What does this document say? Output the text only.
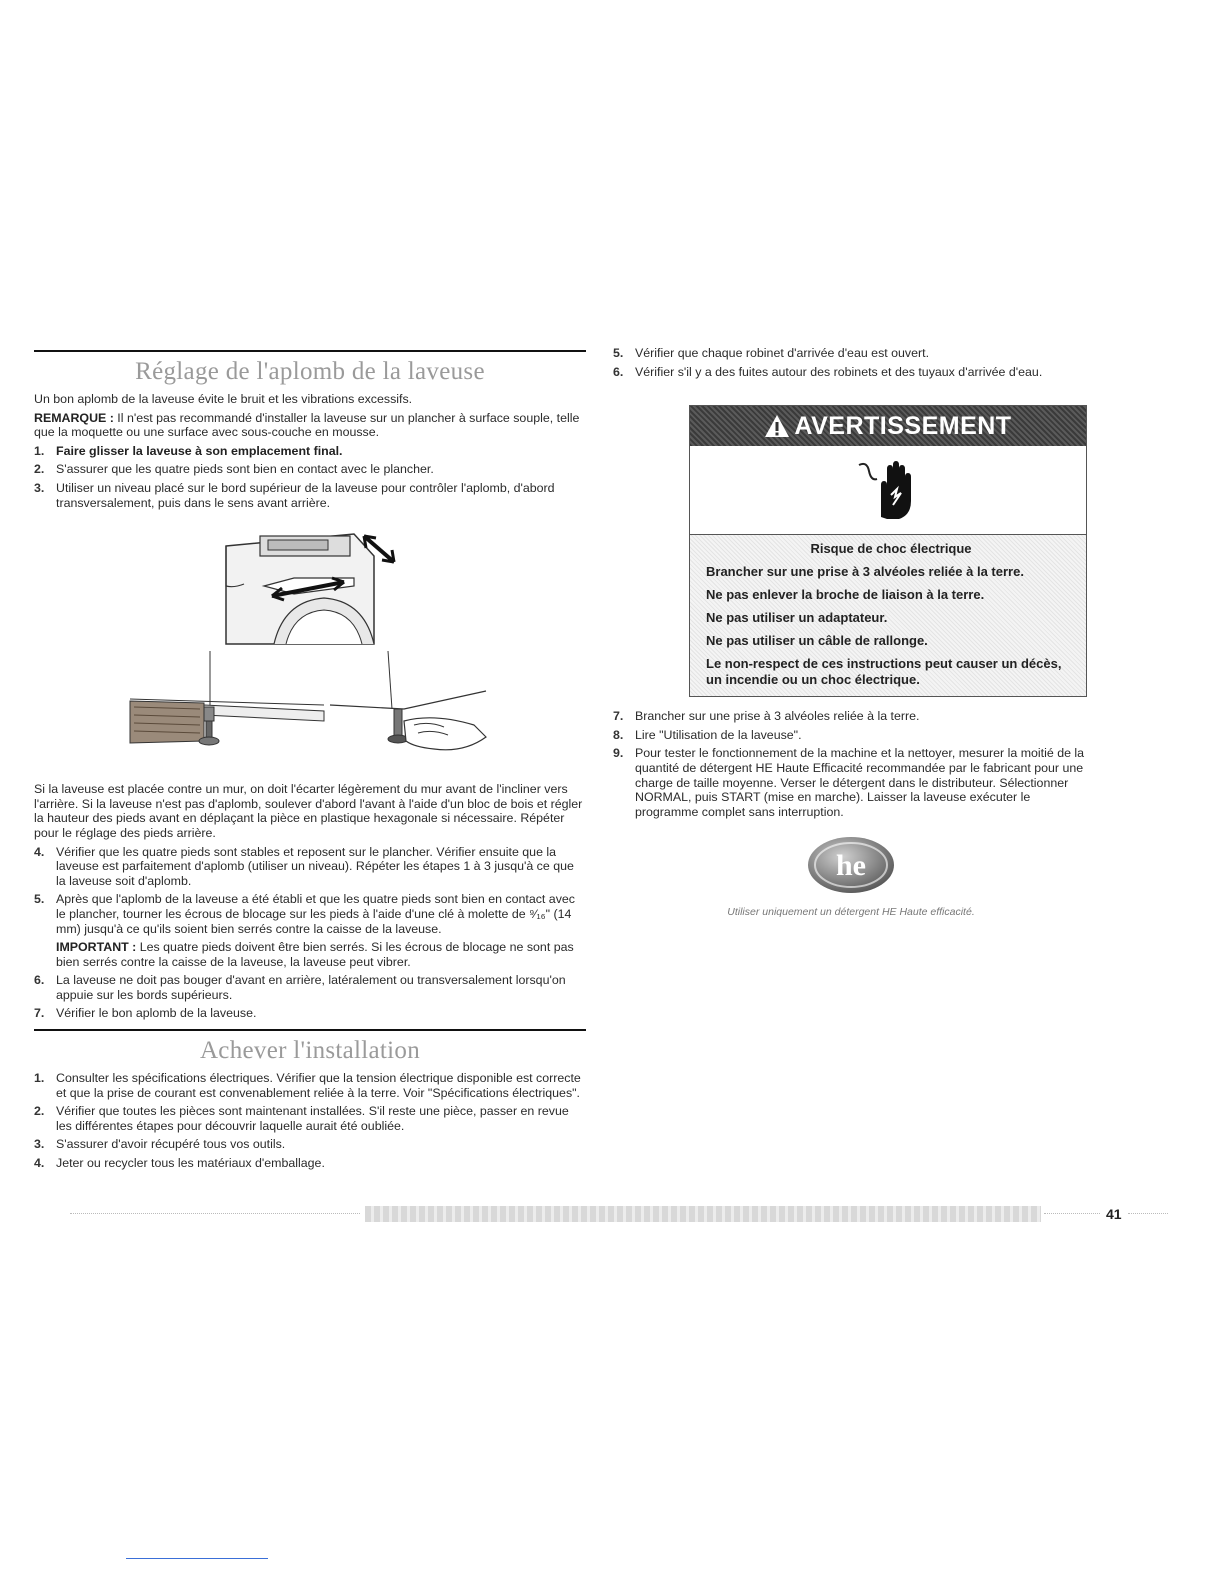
Réglage de l'aplomb de la laveuse

Un bon aplomb de la laveuse évite le bruit et les vibrations excessifs.

REMARQUE : Il n'est pas recommandé d'installer la laveuse sur un plancher à surface souple, telle que la moquette ou une surface avec sous-couche en mousse.

1. Faire glisser la laveuse à son emplacement final.
2. S'assurer que les quatre pieds sont bien en contact avec le plancher.
3. Utiliser un niveau placé sur le bord supérieur de la laveuse pour contrôler l'aplomb, d'abord transversalement, puis dans le sens avant arrière.

Si la laveuse est placée contre un mur, on doit l'écarter légèrement du mur avant de l'incliner vers l'arrière. Si la laveuse n'est pas d'aplomb, soulever d'abord l'avant à l'aide d'un bloc de bois et régler la hauteur des pieds avant en déplaçant la pièce en plastique hexagonale si nécessaire. Répéter pour le réglage des pieds arrière.

4. Vérifier que les quatre pieds sont stables et reposent sur le plancher. Vérifier ensuite que la laveuse est parfaitement d'aplomb (utiliser un niveau). Répéter les étapes 1 à 3 jusqu'à ce que la laveuse soit d'aplomb.
5. Après que l'aplomb de la laveuse a été établi et que les quatre pieds sont bien en contact avec le plancher, tourner les écrous de blocage sur les pieds à l'aide d'une clé à molette de ⁹⁄₁₆" (14 mm) jusqu'à ce qu'ils soient bien serrés contre la caisse de la laveuse.

IMPORTANT : Les quatre pieds doivent être bien serrés. Si les écrous de blocage ne sont pas bien serrés contre la caisse de la laveuse, la laveuse peut vibrer.

6. La laveuse ne doit pas bouger d'avant en arrière, latéralement ou transversalement lorsqu'on appuie sur les bords supérieurs.
7. Vérifier le bon aplomb de la laveuse.
Achever l'installation
1. Consulter les spécifications électriques. Vérifier que la tension électrique disponible est correcte et que la prise de courant est convenablement reliée à la terre. Voir "Spécifications électriques".
2. Vérifier que toutes les pièces sont maintenant installées. S'il reste une pièce, passer en revue les différentes étapes pour découvrir laquelle aurait été oubliée.
3. S'assurer d'avoir récupéré tous vos outils.
4. Jeter ou recycler tous les matériaux d'emballage.
5. Vérifier que chaque robinet d'arrivée d'eau est ouvert.
6. Vérifier s'il y a des fuites autour des robinets et des tuyaux d'arrivée d'eau.
AVERTISSEMENT
Risque de choc électrique
Brancher sur une prise à 3 alvéoles reliée à la terre.
Ne pas enlever la broche de liaison à la terre.
Ne pas utiliser un adaptateur.
Ne pas utiliser un câble de rallonge.
Le non-respect de ces instructions peut causer un décès, un incendie ou un choc électrique.
7. Brancher sur une prise à 3 alvéoles reliée à la terre.
8. Lire "Utilisation de la laveuse".
9. Pour tester le fonctionnement de la machine et la nettoyer, mesurer la moitié de la quantité de détergent HE Haute Efficacité recommandée par le fabricant pour une charge de taille moyenne. Verser le détergent dans le distributeur. Sélectionner NORMAL, puis START (mise en marche). Laisser la laveuse exécuter le programme complet sans interruption.
he
Utiliser uniquement un détergent HE Haute efficacité.
41
